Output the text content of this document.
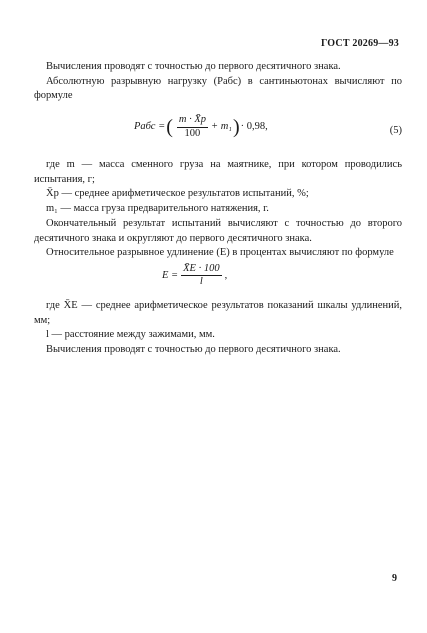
ГОСТ 20269—93

Вычисления проводят с точностью до первого десятичного знака.

Абсолютную разрывную нагрузку (Pабс) в сантиньютонах вычисляют по формуле

Pабс = ( $\frac{m \cdot X̄р}{100} + m_1$ ) · 0,98,	(5)

где m — масса сменного груза на маятнике, при котором проводились испытания, г;

X̄р — среднее арифметическое результатов испытаний, %;

m₁ — масса груза предварительного натяжения, г.

Окончательный результат испытаний вычисляют с точностью до второго десятичного знака и округляют до первого десятичного знака.

Относительное разрывное удлинение (E) в процентах вычисляют по формуле

$E = \frac{X̄E \cdot 100}{l}$ ,

где X̄E — среднее арифметическое результатов показаний шкалы удлинений, мм;

l — расстояние между зажимами, мм.

Вычисления проводят с точностью до первого десятичного знака.

9
